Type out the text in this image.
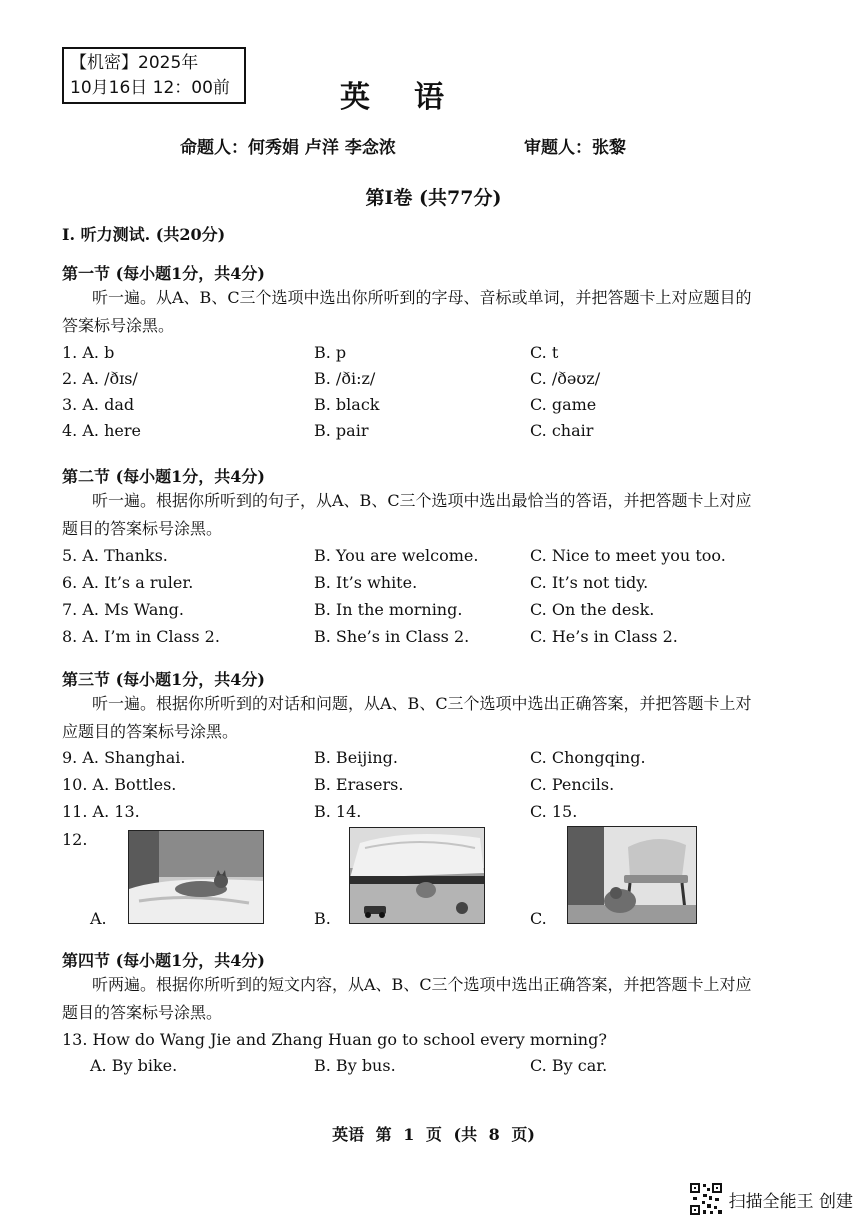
【机密】2025年
10月16日 12：00前	英语
命题人：何秀娟 卢洋 李念浓	审题人：张黎
第I卷 (共77分)
I. 听力测试. (共20分)
第一节 (每小题1分，共4分)
听一遍。从A、B、C三个选项中选出你所听到的字母、音标或单词，并把答题卡上对应题目的答案标号涂黑。
1. A. b	B. p	C. t
2. A. /ðɪs/	B. /ði:z/	C. /ðəʊz/
3. A. dad	B. black	C. game
4. A. here	B. pair	C. chair
第二节 (每小题1分，共4分)
听一遍。根据你所听到的句子，从A、B、C三个选项中选出最恰当的答语，并把答题卡上对应题目的答案标号涂黑。
5. A. Thanks.	B. You are welcome.	C. Nice to meet you too.
6. A. It’s a ruler.	B. It’s white.	C. It’s not tidy.
7. A. Ms Wang.	B. In the morning.	C. On the desk.
8. A. I’m in Class 2.	B. She’s in Class 2.	C. He’s in Class 2.
第三节 (每小题1分，共4分)
听一遍。根据你所听到的对话和问题，从A、B、C三个选项中选出正确答案，并把答题卡上对应题目的答案标号涂黑。
9. A. Shanghai.	B. Beijing.	C. Chongqing.
10. A. Bottles.	B. Erasers.	C. Pencils.
11. A. 13.	B. 14.	C. 15.
12.
A.	B.	C.
第四节 (每小题1分，共4分)
听两遍。根据你所听到的短文内容，从A、B、C三个选项中选出正确答案，并把答题卡上对应题目的答案标号涂黑。
13. How do Wang Jie and Zhang Huan go to school every morning?
A. By bike.	B. By bus.	C. By car.
英语 第 1 页 (共 8 页)
扫描全能王 创建
